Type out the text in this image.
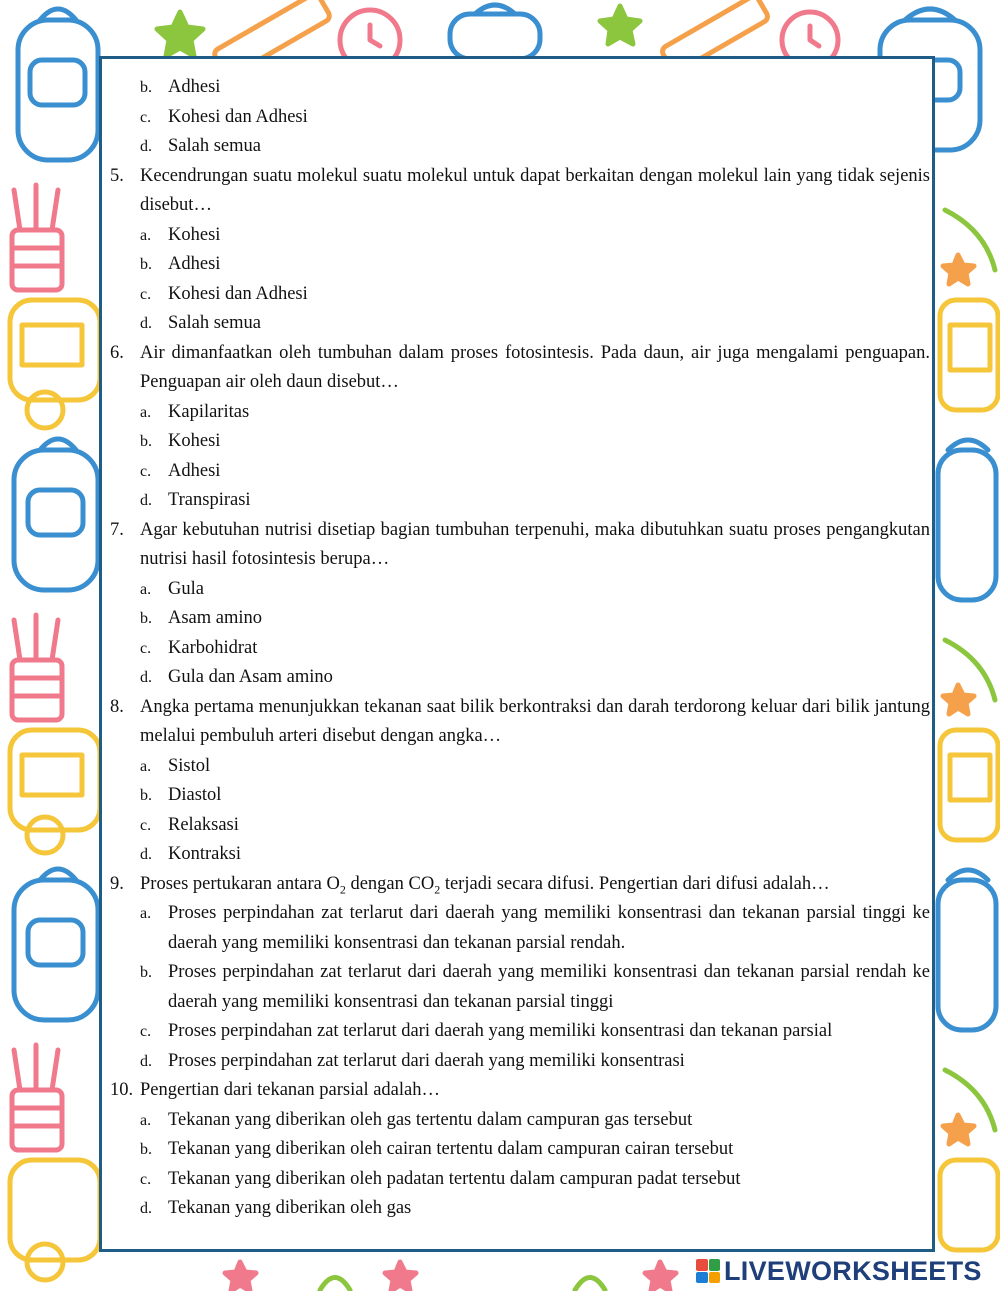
b. Adhesi
c. Kohesi dan Adhesi
d. Salah semua
5. Kecendrungan suatu molekul suatu molekul untuk dapat berkaitan dengan molekul lain yang tidak sejenis disebut…
a. Kohesi
b. Adhesi
c. Kohesi dan Adhesi
d. Salah semua
6. Air dimanfaatkan oleh tumbuhan dalam proses fotosintesis. Pada daun, air juga mengalami penguapan. Penguapan air oleh daun disebut…
a. Kapilaritas
b. Kohesi
c. Adhesi
d. Transpirasi
7. Agar kebutuhan nutrisi disetiap bagian tumbuhan terpenuhi, maka dibutuhkan suatu proses pengangkutan nutrisi hasil fotosintesis berupa…
a. Gula
b. Asam amino
c. Karbohidrat
d. Gula dan Asam amino
8. Angka pertama menunjukkan tekanan saat bilik berkontraksi dan darah terdorong keluar dari bilik jantung melalui pembuluh arteri disebut dengan angka…
a. Sistol
b. Diastol
c. Relaksasi
d. Kontraksi
9. Proses pertukaran antara $O_2$ dengan $CO_2$ terjadi secara difusi. Pengertian dari difusi adalah…
a. Proses perpindahan zat terlarut dari daerah yang memiliki konsentrasi dan tekanan parsial tinggi ke daerah yang memiliki konsentrasi dan tekanan parsial rendah.
b. Proses perpindahan zat terlarut dari daerah yang memiliki konsentrasi dan tekanan parsial rendah ke daerah yang memiliki konsentrasi dan tekanan parsial tinggi
c. Proses perpindahan zat terlarut dari daerah yang memiliki konsentrasi dan tekanan parsial
d. Proses perpindahan zat terlarut dari daerah yang memiliki konsentrasi
10. Pengertian dari tekanan parsial adalah…
a. Tekanan yang diberikan oleh gas tertentu dalam campuran gas tersebut
b. Tekanan yang diberikan oleh cairan tertentu dalam campuran cairan tersebut
c. Tekanan yang diberikan oleh padatan tertentu dalam campuran padat tersebut
d. Tekanan yang diberikan oleh gas
LIVEWORKSHEETS
